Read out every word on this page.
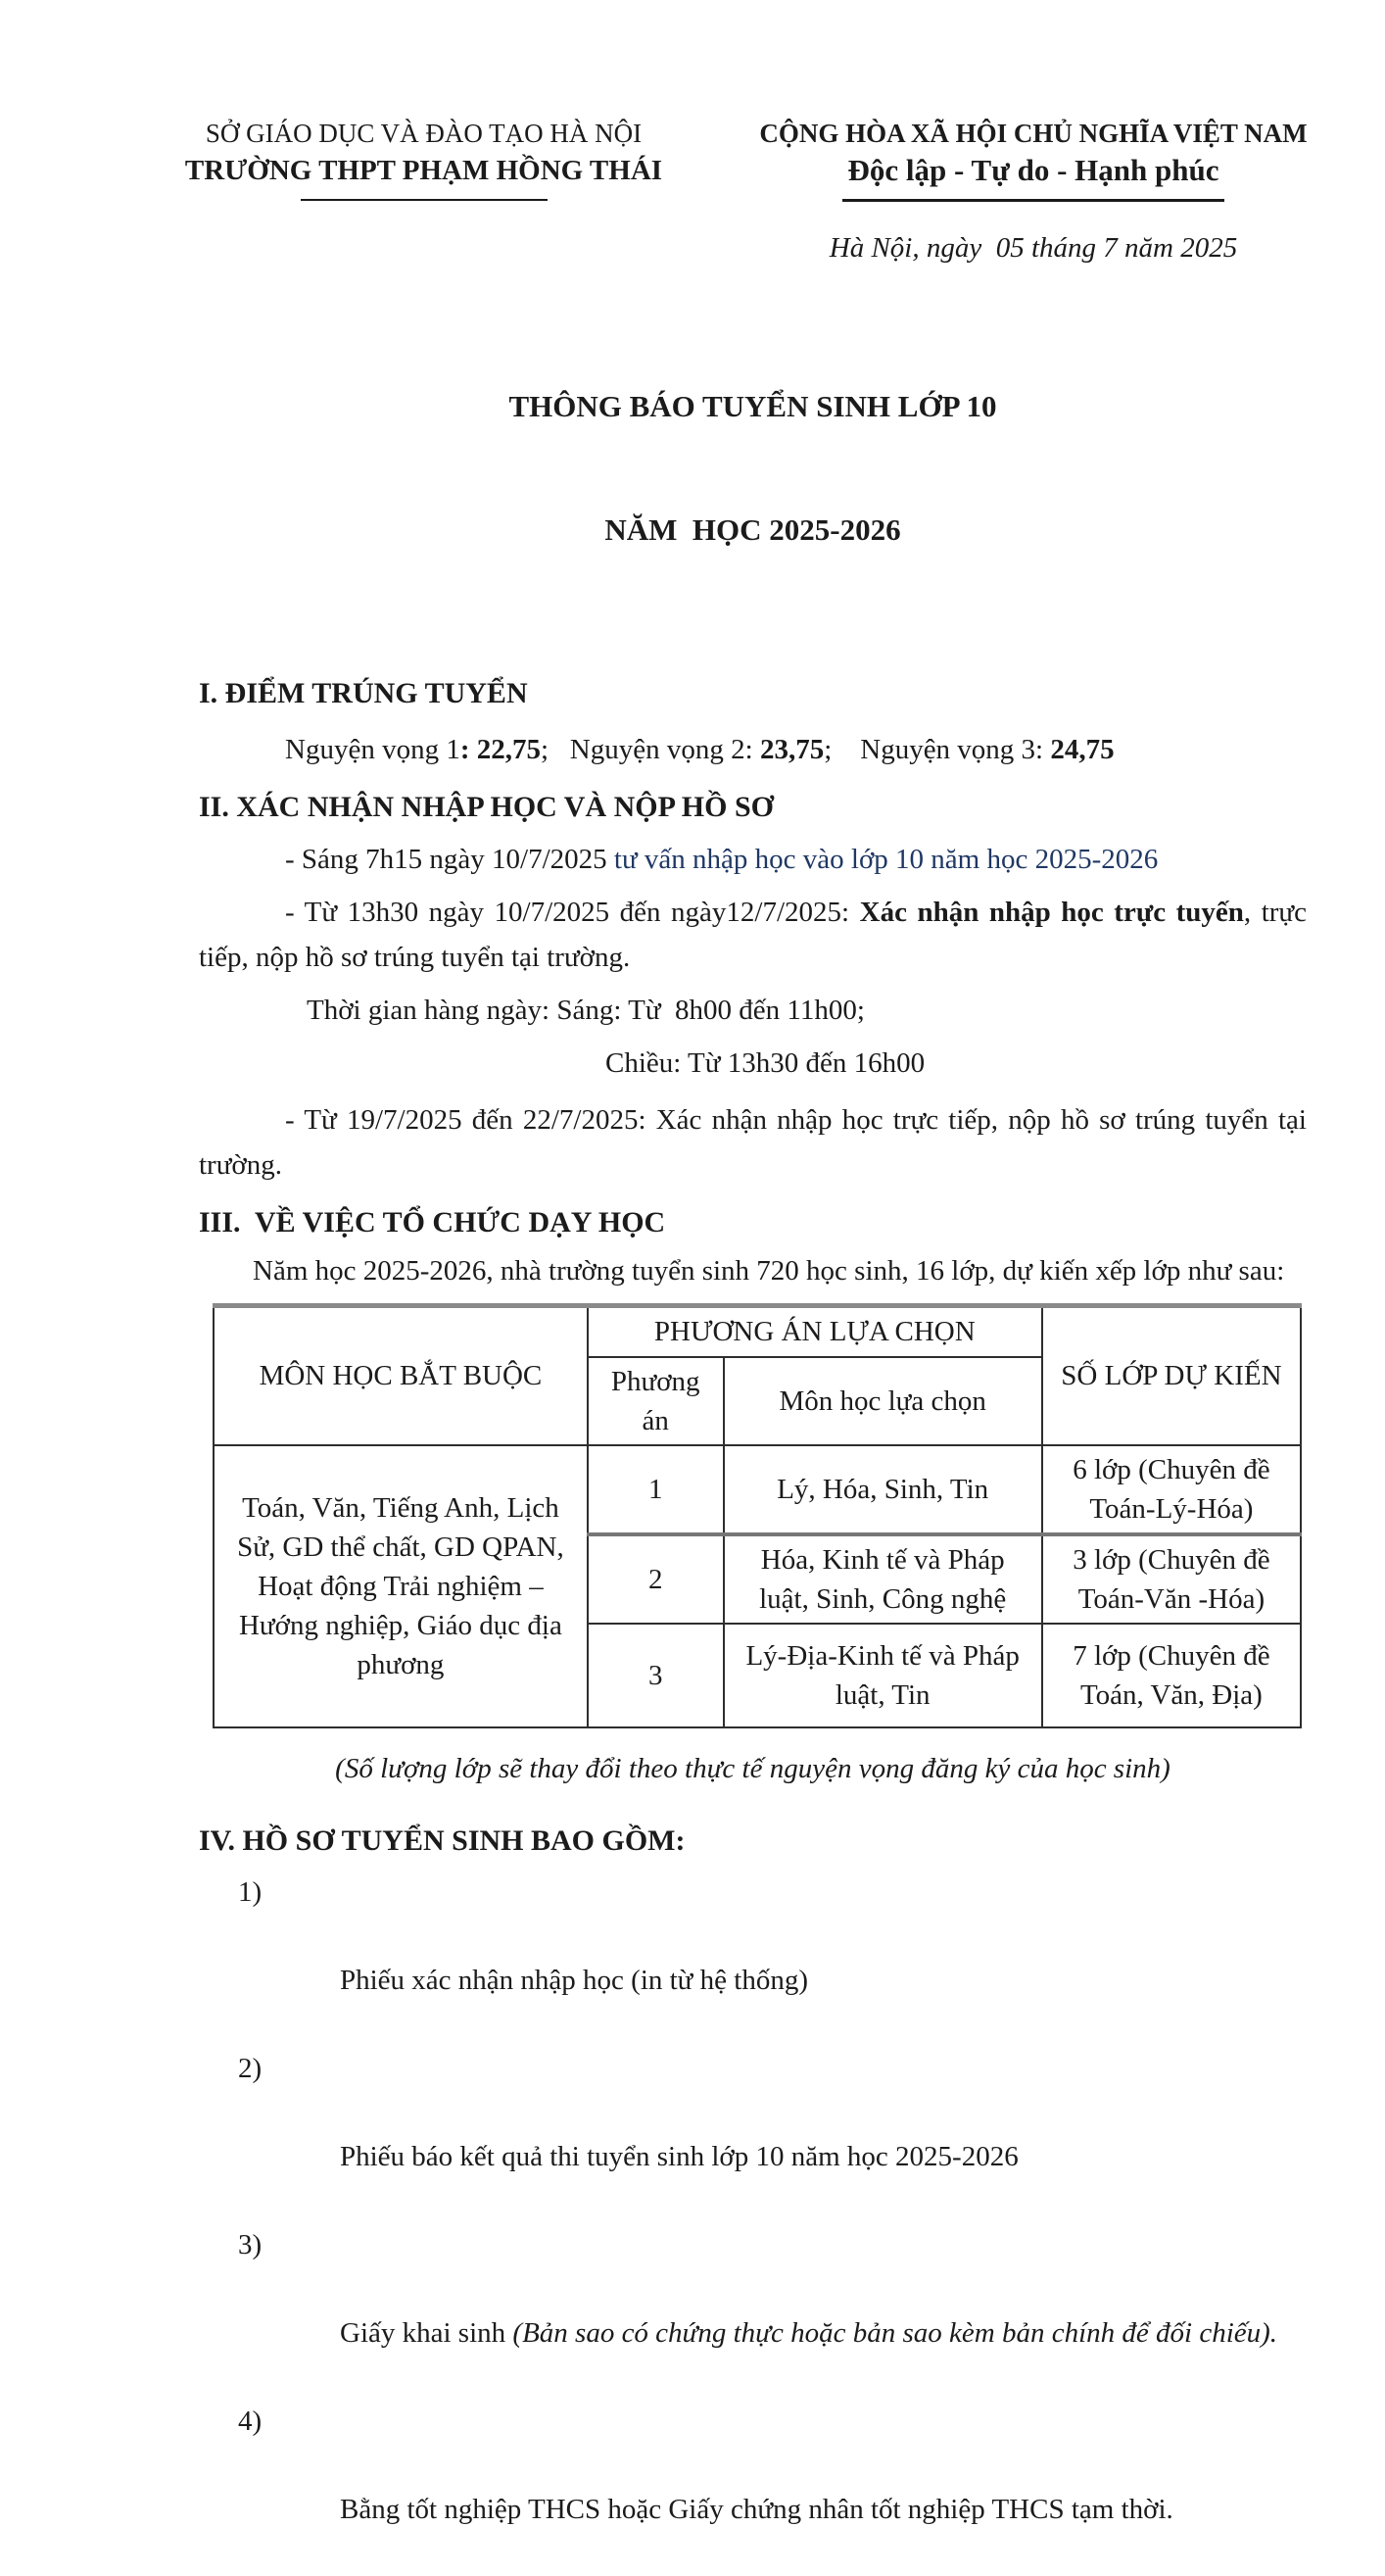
SỞ GIÁO DỤC VÀ ĐÀO TẠO HÀ NỘI
TRƯỜNG THPT PHẠM HỒNG THÁI
CỘNG HÒA XÃ HỘI CHỦ NGHĨA VIỆT NAM
Độc lập - Tự do - Hạnh phúc
Hà Nội, ngày  05 tháng 7 năm 2025

THÔNG BÁO TUYỂN SINH LỚP 10

NĂM  HỌC 2025-2026

I. ĐIỂM TRÚNG TUYỂN

Nguyện vọng 1: 22,75;   Nguyện vọng 2: 23,75;    Nguyện vọng 3: 24,75

II. XÁC NHẬN NHẬP HỌC VÀ NỘP HỒ SƠ

- Sáng 7h15 ngày 10/7/2025 tư vấn nhập học vào lớp 10 năm học 2025-2026

- Từ 13h30 ngày 10/7/2025 đến ngày12/7/2025: Xác nhận nhập học trực tuyến, trực tiếp, nộp hồ sơ trúng tuyển tại trường.

Thời gian hàng ngày: Sáng: Từ  8h00 đến 11h00;

Chiều: Từ 13h30 đến 16h00

- Từ 19/7/2025 đến 22/7/2025: Xác nhận nhập học trực tiếp, nộp hồ sơ trúng tuyển tại trường.

III.  VỀ VIỆC TỔ CHỨC DẠY HỌC

Năm học 2025-2026, nhà trường tuyển sinh 720 học sinh, 16 lớp, dự kiến xếp lớp như sau:

MÔN HỌC BẮT BUỘC	PHƯƠNG ÁN LỰA CHỌN		SỐ LỚP DỰ KIẾN
	Phương án	Môn học lựa chọn	
Toán, Văn, Tiếng Anh, Lịch Sử, GD thể chất, GD QPAN, Hoạt động Trải nghiệm – Hướng nghiệp, Giáo dục địa phương	1	Lý, Hóa, Sinh, Tin	6 lớp (Chuyên đề Toán-Lý-Hóa)
	2	Hóa, Kinh tế và Pháp luật, Sinh, Công nghệ	3 lớp (Chuyên đề Toán-Văn -Hóa)
	3	Lý-Địa-Kinh tế và Pháp luật, Tin	7 lớp (Chuyên đề Toán, Văn, Địa)

(Số lượng lớp sẽ thay đổi theo thực tế nguyện vọng đăng ký của học sinh)

IV. HỒ SƠ TUYỂN SINH BAO GỒM:

1)

Phiếu xác nhận nhập học (in từ hệ thống)

2)

Phiếu báo kết quả thi tuyển sinh lớp 10 năm học 2025-2026

3)

Giấy khai sinh (Bản sao có chứng thực hoặc bản sao kèm bản chính để đối chiếu).

4)

Bằng tốt nghiệp THCS hoặc Giấy chứng nhân tốt nghiệp THCS tạm thời.
